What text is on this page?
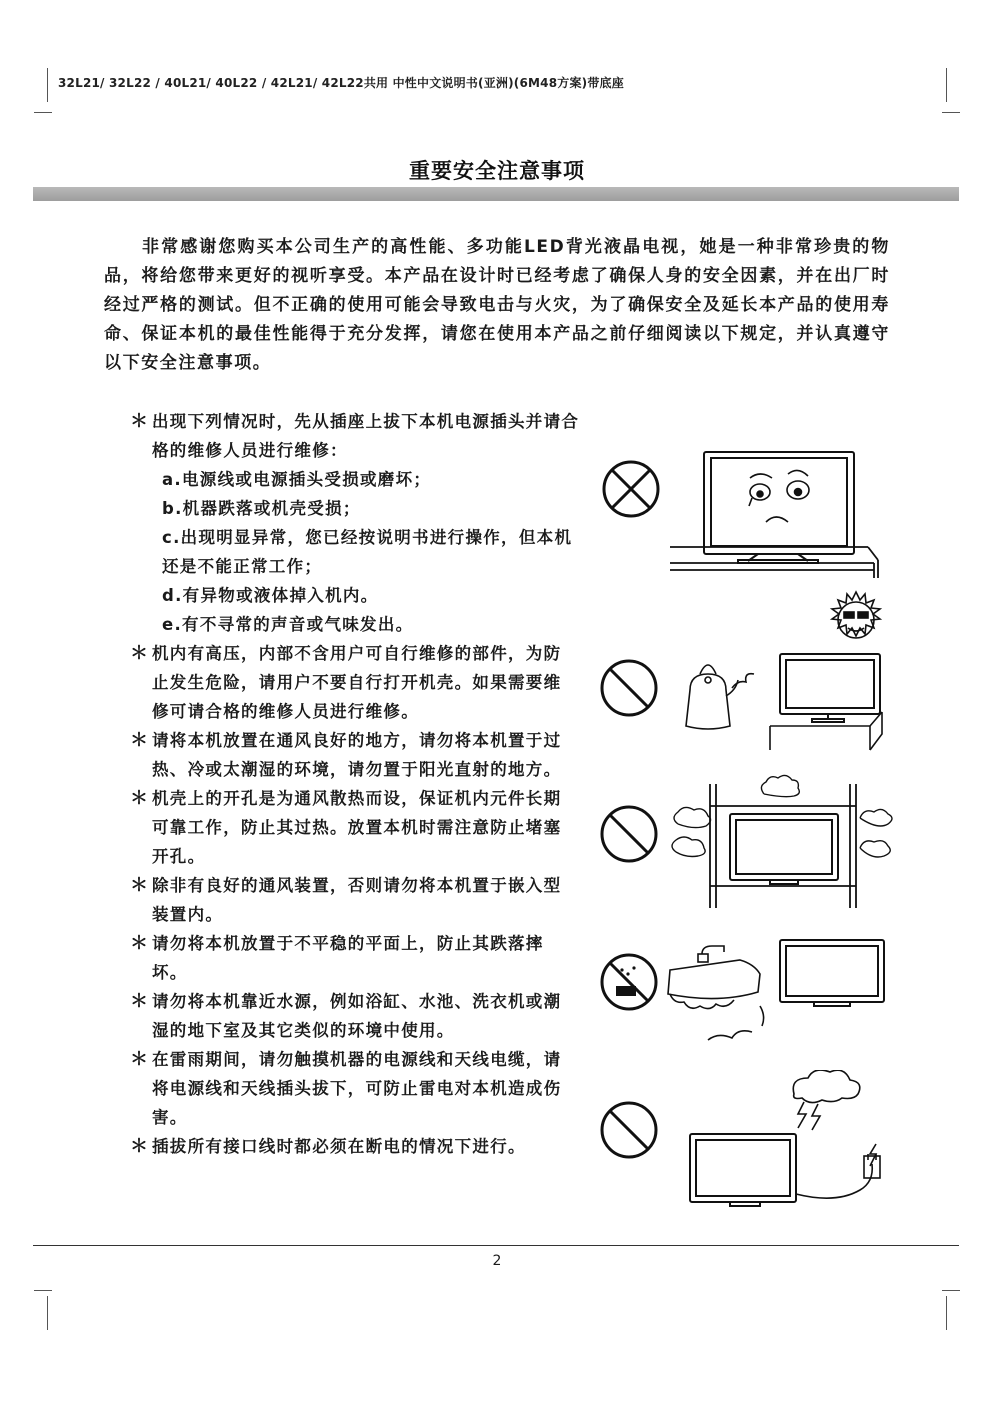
32L21/ 32L22 / 40L21/ 40L22 / 42L21/ 42L22共用 中性中文说明书(亚洲)(6M48方案)带底座
重要安全注意事项

非常感谢您购买本公司生产的高性能、多功能LED背光液晶电视，她是一种非常珍贵的物品，将给您带来更好的视听享受。本产品在设计时已经考虑了确保人身的安全因素，并在出厂时经过严格的测试。但不正确的使用可能会导致电击与火灾，为了确保安全及延长本产品的使用寿命、保证本机的最佳性能得于充分发挥，请您在使用本产品之前仔细阅读以下规定，并认真遵守以下安全注意事项。

＊ 出现下列情况时，先从插座上拔下本机电源插头并请合格的维修人员进行维修：
a.电源线或电源插头受损或磨坏；
b.机器跌落或机壳受损；
c.出现明显异常，您已经按说明书进行操作，但本机还是不能正常工作；
d.有异物或液体掉入机内。
e.有不寻常的声音或气味发出。
＊ 机内有高压，内部不含用户可自行维修的部件，为防止发生危险，请用户不要自行打开机壳。如果需要维修可请合格的维修人员进行维修。
＊ 请将本机放置在通风良好的地方，请勿将本机置于过热、冷或太潮湿的环境，请勿置于阳光直射的地方。
＊ 机壳上的开孔是为通风散热而设，保证机内元件长期可靠工作，防止其过热。放置本机时需注意防止堵塞开孔。
＊ 除非有良好的通风装置，否则请勿将本机置于嵌入型装置内。
＊ 请勿将本机放置于不平稳的平面上，防止其跌落摔坏。
＊ 请勿将本机靠近水源，例如浴缸、水池、洗衣机或潮湿的地下室及其它类似的环境中使用。
＊ 在雷雨期间，请勿触摸机器的电源线和天线电缆，请将电源线和天线插头拔下，可防止雷电对本机造成伤害。
＊ 插拔所有接口线时都必须在断电的情况下进行。
2
